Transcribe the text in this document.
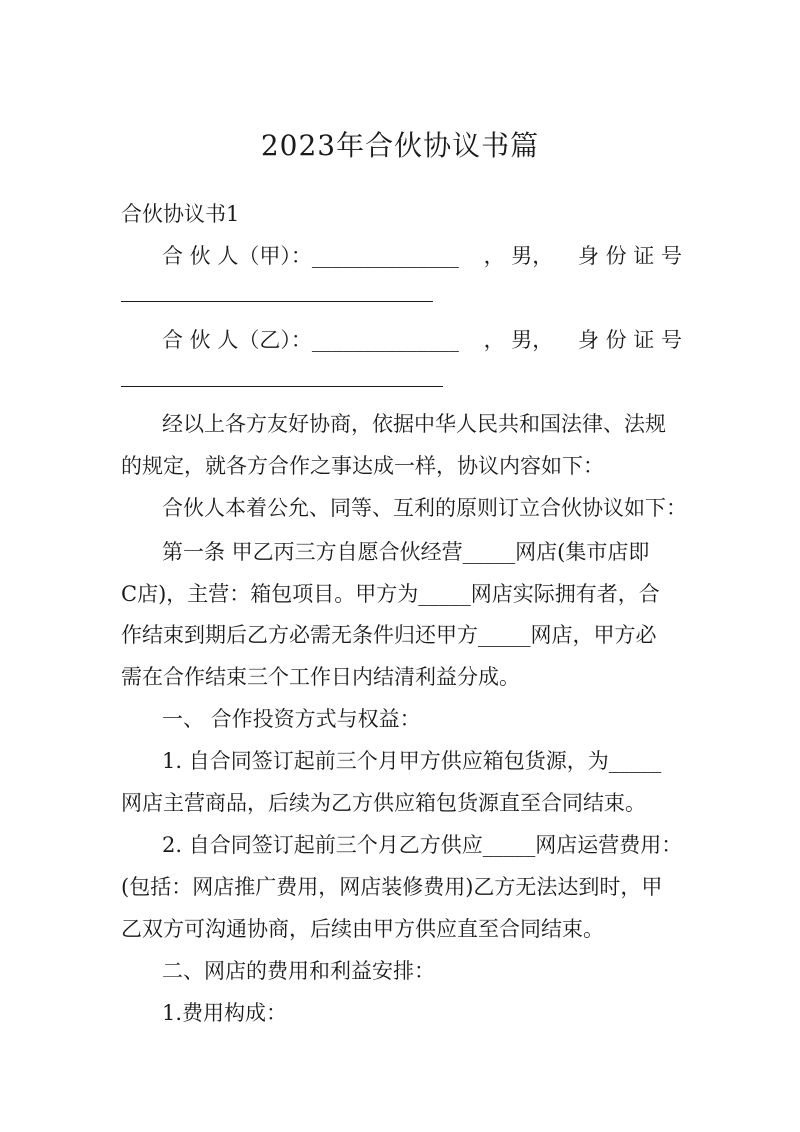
2023年合伙协议书篇
合伙协议书1
合 伙 人（甲）：______________ ， 男， 身 份 证 号
合 伙 人（乙）：______________ ， 男， 身 份 证 号
经以上各方友好协商，依据中华人民共和国法律、法规
的规定，就各方合作之事达成一样，协议内容如下：
合伙人本着公允、同等、互利的原则订立合伙协议如下：
第一条 甲乙丙三方自愿合伙经营_____网店(集市店即
C店)，主营：箱包项目。甲方为_____网店实际拥有者，合
作结束到期后乙方必需无条件归还甲方_____网店，甲方必
需在合作结束三个工作日内结清利益分成。
一、 合作投资方式与权益：
1. 自合同签订起前三个月甲方供应箱包货源，为_____
网店主营商品，后续为乙方供应箱包货源直至合同结束。
2. 自合同签订起前三个月乙方供应_____网店运营费用：
(包括：网店推广费用，网店装修费用)乙方无法达到时，甲
乙双方可沟通协商，后续由甲方供应直至合同结束。
二、网店的费用和利益安排：
1.费用构成：
